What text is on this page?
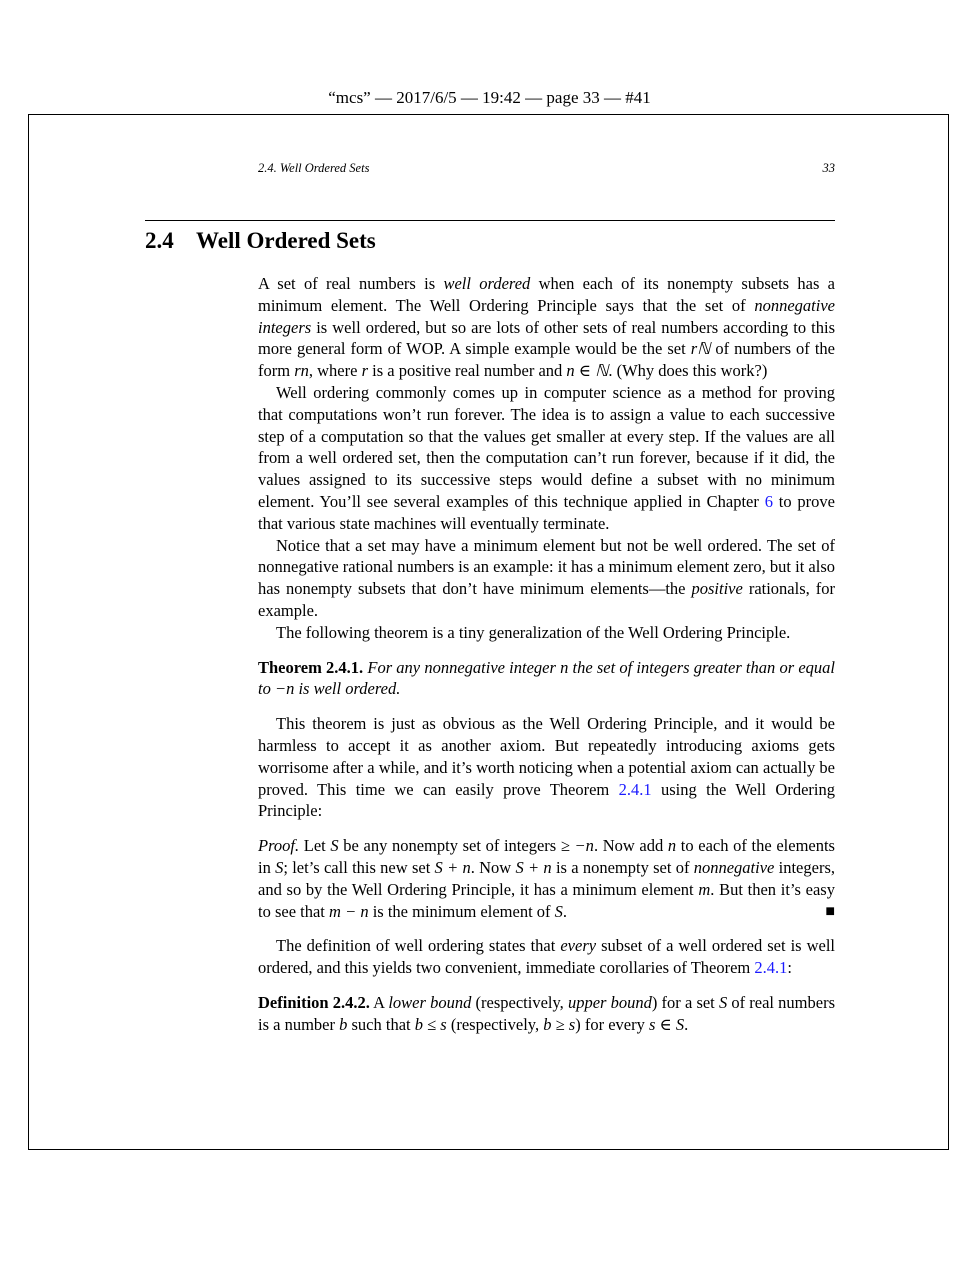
“mcs” — 2017/6/5 — 19:42 — page 33 — #41
2.4. Well Ordered Sets	33
2.4 Well Ordered Sets

A set of real numbers is well ordered when each of its nonempty subsets has a minimum element. The Well Ordering Principle says that the set of nonnegative integers is well ordered, but so are lots of other sets of real numbers according to this more general form of WOP. A simple example would be the set rℕ of numbers of the form rn, where r is a positive real number and n ∈ ℕ. (Why does this work?)

Well ordering commonly comes up in computer science as a method for proving that computations won’t run forever. The idea is to assign a value to each successive step of a computation so that the values get smaller at every step. If the values are all from a well ordered set, then the computation can’t run forever, because if it did, the values assigned to its successive steps would define a subset with no minimum element. You’ll see several examples of this technique applied in Chapter 6 to prove that various state machines will eventually terminate.

Notice that a set may have a minimum element but not be well ordered. The set of nonnegative rational numbers is an example: it has a minimum element zero, but it also has nonempty subsets that don’t have minimum elements—the positive rationals, for example.

The following theorem is a tiny generalization of the Well Ordering Principle.

Theorem 2.4.1. For any nonnegative integer n the set of integers greater than or equal to −n is well ordered.

This theorem is just as obvious as the Well Ordering Principle, and it would be harmless to accept it as another axiom. But repeatedly introducing axioms gets worrisome after a while, and it’s worth noticing when a potential axiom can actually be proved. This time we can easily prove Theorem 2.4.1 using the Well Ordering Principle:

Proof. Let S be any nonempty set of integers ≥ −n. Now add n to each of the elements in S; let’s call this new set S + n. Now S + n is a nonempty set of nonnegative integers, and so by the Well Ordering Principle, it has a minimum element m. But then it’s easy to see that m − n is the minimum element of S.	■

The definition of well ordering states that every subset of a well ordered set is well ordered, and this yields two convenient, immediate corollaries of Theorem 2.4.1:

Definition 2.4.2. A lower bound (respectively, upper bound) for a set S of real numbers is a number b such that b ≤ s (respectively, b ≥ s) for every s ∈ S.
